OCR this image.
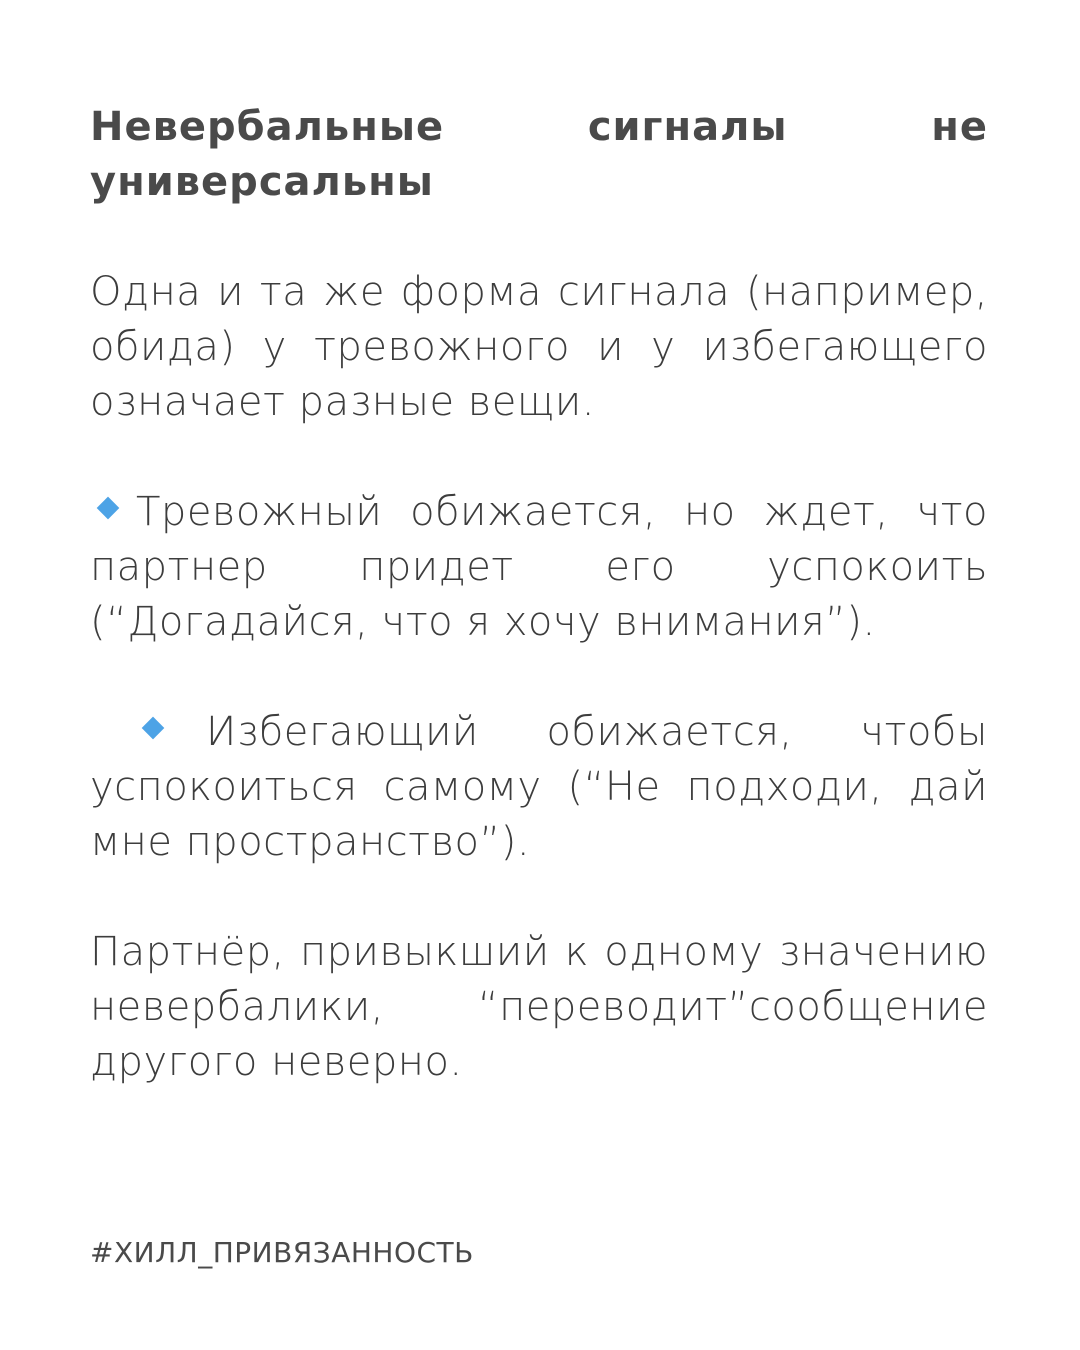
Невербальные сигналы не универсальны

Одна и та же форма сигнала (например, обида) у тревожного и у избегающего означает разные вещи.

Тревожный обижается, но ждет, что партнер придет его успокоить (“Догадайся, что я хочу внимания”).

Избегающий обижается, чтобы успокоиться самому (“Не подходи, дай мне пространство”).

Партнёр, привыкший к одному значению невербалики, “переводит”сообщение другого неверно.

#ХИЛЛ_ПРИВЯЗАННОСТЬ
